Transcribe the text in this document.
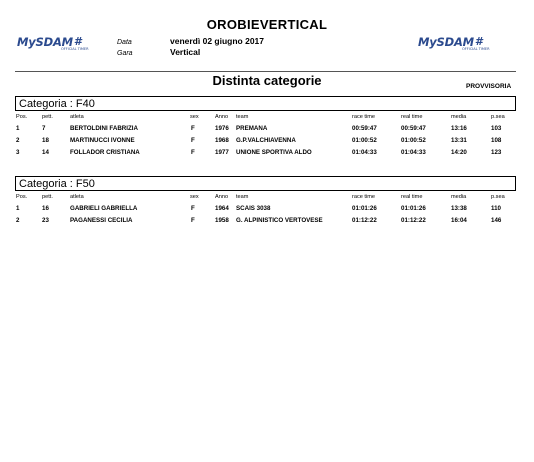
OROBIEVERTICAL
MySDAM #
OFFICIAL TIMER
Data
Gara
venerdì 02 giugno 2017
Vertical
MySDAM #
OFFICIAL TIMER
Distinta categorie	PROVVISORIA
Categoria : F40
Pos.	pett.	atleta	sex	Anno team	race time	real time	media	p.sea
1	7	BERTOLDINI FABRIZIA	F	1976 PREMANA	00:59:47	00:59:47	13:16	103
2	18	MARTINUCCI IVONNE	F	1968 G.P.VALCHIAVENNA	01:00:52	01:00:52	13:31	108
3	14	FOLLADOR CRISTIANA	F	1977 UNIONE SPORTIVA ALDO	01:04:33	01:04:33	14:20	123
Categoria : F50
Pos.	pett.	atleta	sex	Anno team	race time	real time	media	p.sea
1	16	GABRIELI GABRIELLA	F	1964 SCAIS 3038	01:01:26	01:01:26	13:38	110
2	23	PAGANESSI CECILIA	F	1958 G. ALPINISTICO VERTOVESE	01:12:22	01:12:22	16:04	146
